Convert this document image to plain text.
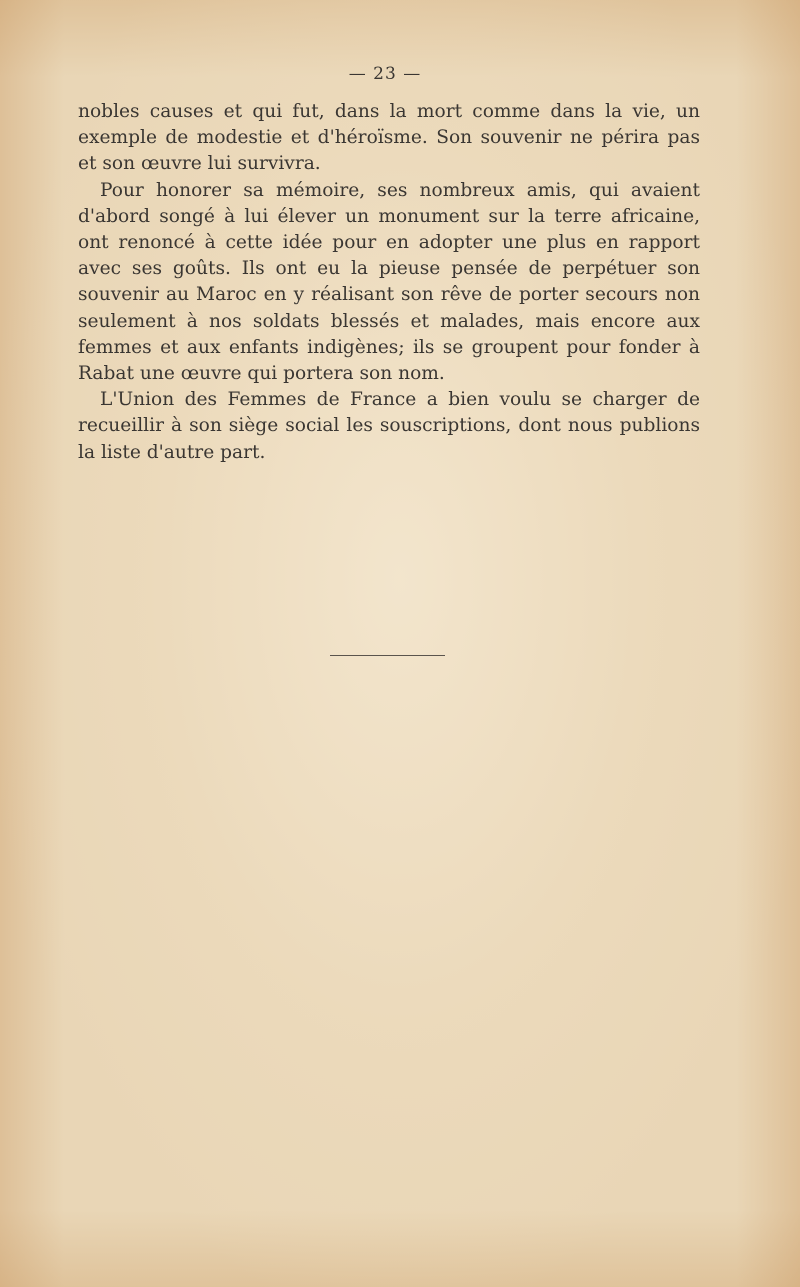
— 23 —

nobles causes et qui fut, dans la mort comme dans la vie, un exemple de modestie et d'héroïsme. Son souvenir ne périra pas et son œuvre lui survivra.

Pour honorer sa mémoire, ses nombreux amis, qui avaient d'abord songé à lui élever un monument sur la terre africaine, ont renoncé à cette idée pour en adopter une plus en rapport avec ses goûts. Ils ont eu la pieuse pensée de perpétuer son souvenir au Maroc en y réalisant son rêve de porter secours non seulement à nos soldats blessés et malades, mais encore aux femmes et aux enfants indigènes; ils se groupent pour fonder à Rabat une œuvre qui portera son nom.

L'Union des Femmes de France a bien voulu se charger de recueillir à son siège social les souscriptions, dont nous publions la liste d'autre part.
